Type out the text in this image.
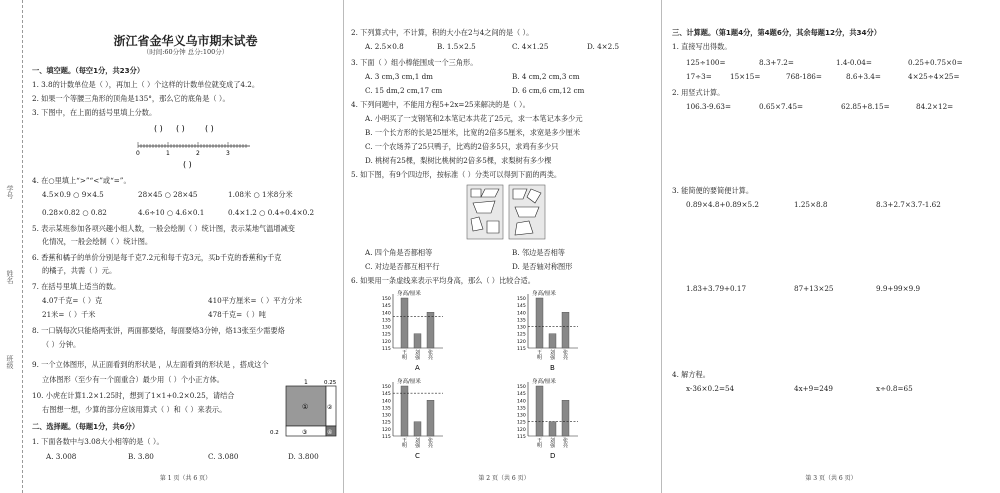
学号
姓名
班级
浙江省金华义乌市期末试卷
（时间:60分钟 总分:100分）
一、填空题。（每空1分，共23分）
1. 3.8的计数单位是（ ），再加上（ ）个这样的计数单位就变成了4.2。
2. 如果一个等腰三角形的顶角是135°，那么它的底角是（ ）。
3. 下图中，在上面的括号里填上分数。
( ) ( )	( )
0	1	2	3
( )
4. 在○里填上“>”“<”或“=”。
4.5×0.9 ○ 9×4.5	28×45 ○ 28×45	1.08米 ○ 1米8分米
0.28×0.82 ○ 0.82	4.6÷10 ○ 4.6×0.1	0.4×1.2 ○ 0.4÷0.4×0.2
5. 表示某班参加各项兴趣小组人数，一般会绘制（ ）统计图，表示某地气温增减变
化情况，一般会绘制（ ）统计图。
6. 香蕉和橘子的单价分别是每千克7.2元和每千克3元，买b千克的香蕉和y千克
的橘子，共需（ ）元。
7. 在括号里填上适当的数。
4.07千克=（ ）克	410平方厘米=（ ）平方分米
21米=（ ）千米	478千克=（ ）吨
8. 一口锅每次只能烙两张饼，两面都要烙，每面要烙3分钟，烙13张至少需要烙
（ ）分钟。
9. 一个立体图形，从正面看到的形状是 ，从左面看到的形状是 ，搭成这个
立体图形（至少有一个面重合）最少用（ ）个小正方体。
10. 小虎在计算1.2×1.25时，想到了1×1+0.2×0.25，请结合
右图想一想，少算的部分应该用算式（ ）和（ ）来表示。
1	0.25
0.2
①	②
③	④
二、选择题。（每题1分，共6分）
1. 下面各数中与3.08大小相等的是（ ）。
A. 3.008	B. 3.80	C. 3.080	D. 3.800
第 1 页（共 6 页）
2. 下列算式中，不计算，积的大小在2与4之间的是（ ）。
A. 2.5×0.8	B. 1.5×2.5	C. 4×1.25	D. 4×2.5
3. 下面（ ）组小棒能围成一个三角形。
A. 3 cm,3 cm,1 dm	B. 4 cm,2 cm,3 cm
C. 15 dm,2 cm,17 cm	D. 6 cm,6 cm,12 cm
4. 下列问题中，不能用方程5+2x=25来解决的是（ ）。
A. 小明买了一支钢笔和2本笔记本共花了25元，求一本笔记本多少元
B. 一个长方形的长是25厘米，比宽的2倍多5厘米，求宽是多少厘米
C. 一个农场养了25只鸭子，比鸡的2倍多5只，求鸡有多少只
D. 桃树有25棵，梨树比桃树的2倍多5棵，求梨树有多少棵
5. 如下图，有9个四边形，按标准（ ）分类可以得到下面的两类。
A. 四个角是否都相等	B. 邻边是否相等
C. 对边是否都互相平行	D. 是否轴对称图形
6. 如果用一条虚线来表示平均身高，那么（ ）比较合适。
身高/厘米
150
145
140
135
130
125
120
115
王
明
刘
强
张
亮
A
身高/厘米
150
145
140
135
130
125
120
115
王
明
刘
强
张
亮
B
身高/厘米
150
145
140
135
130
125
120
115
王
明
刘
强
张
亮
C
身高/厘米
150
145
140
135
130
125
120
115
王
明
刘
强
张
亮
D
第 2 页（共 6 页）
三、计算题。（第1题4分，第4题6分，其余每题12分，共34分）
1. 直接写出得数。
125÷100=	8.3+7.2=	1.4-0.04=	0.25+0.75×0=
17÷3=	15×15=	768-186=	8.6+3.4=	4×25÷4×25=
2. 用竖式计算。
106.3-9.63=	0.65×7.45=	62.85+8.15=	84.2×12=
3. 能简便的要简便计算。
0.89×4.8+0.89×5.2	1.25×8.8	8.3+2.7×3.7-1.62
1.83+3.79+0.17	87+13×25	9.9+99×9.9
4. 解方程。
x-36×0.2=54	4x+9=249	x÷0.8=65
第 3 页（共 6 页）
